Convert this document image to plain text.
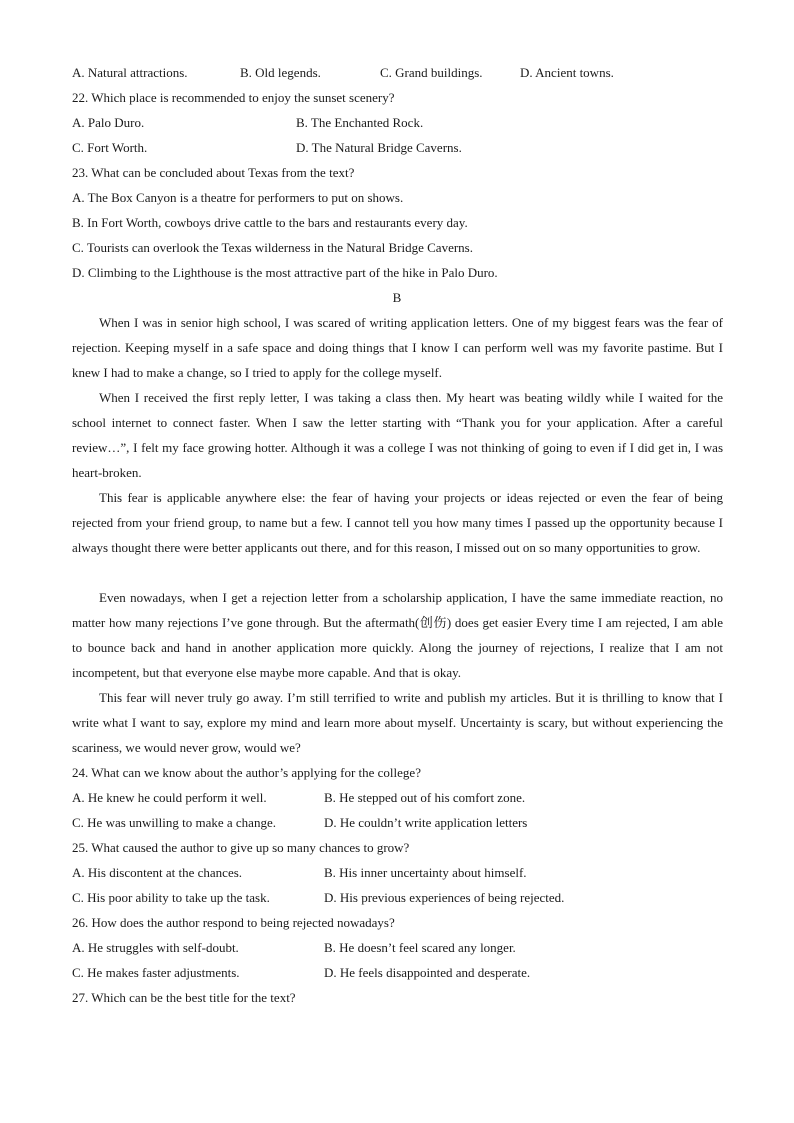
A. Natural attractions.	B. Old legends.	C. Grand buildings.	D. Ancient towns.
22. Which place is recommended to enjoy the sunset scenery?
A. Palo Duro.	B. The Enchanted Rock.
C. Fort Worth.	D. The Natural Bridge Caverns.
23. What can be concluded about Texas from the text?
A. The Box Canyon is a theatre for performers to put on shows.
B. In Fort Worth, cowboys drive cattle to the bars and restaurants every day.
C. Tourists can overlook the Texas wilderness in the Natural Bridge Caverns.
D. Climbing to the Lighthouse is the most attractive part of the hike in Palo Duro.
B

When I was in senior high school, I was scared of writing application letters. One of my biggest fears was the fear of rejection. Keeping myself in a safe space and doing things that I know I can perform well was my favorite pastime. But I knew I had to make a change, so I tried to apply for the college myself.

When I received the first reply letter, I was taking a class then. My heart was beating wildly while I waited for the school internet to connect faster. When I saw the letter starting with “Thank you for your application. After a careful review…”, I felt my face growing hotter. Although it was a college I was not thinking of going to even if I did get in, I was heart-broken.

This fear is applicable anywhere else: the fear of having your projects or ideas rejected or even the fear of being rejected from your friend group, to name but a few. I cannot tell you how many times I passed up the opportunity because I always thought there were better applicants out there, and for this reason, I missed out on so many opportunities to grow.

Even nowadays, when I get a rejection letter from a scholarship application, I have the same immediate reaction, no matter how many rejections I’ve gone through. But the aftermath(创伤) does get easier Every time I am rejected, I am able to bounce back and hand in another application more quickly. Along the journey of rejections, I realize that I am not incompetent, but that everyone else maybe more capable. And that is okay.

This fear will never truly go away. I’m still terrified to write and publish my articles. But it is thrilling to know that I write what I want to say, explore my mind and learn more about myself. Uncertainty is scary, but without experiencing the scariness, we would never grow, would we?

24. What can we know about the author’s applying for the college?
A. He knew he could perform it well.	B. He stepped out of his comfort zone.
C. He was unwilling to make a change.	D. He couldn’t write application letters
25. What caused the author to give up so many chances to grow?
A. His discontent at the chances.	B. His inner uncertainty about himself.
C. His poor ability to take up the task.	D. His previous experiences of being rejected.
26. How does the author respond to being rejected nowadays?
A. He struggles with self-doubt.	B. He doesn’t feel scared any longer.
C. He makes faster adjustments.	D. He feels disappointed and desperate.
27. Which can be the best title for the text?
